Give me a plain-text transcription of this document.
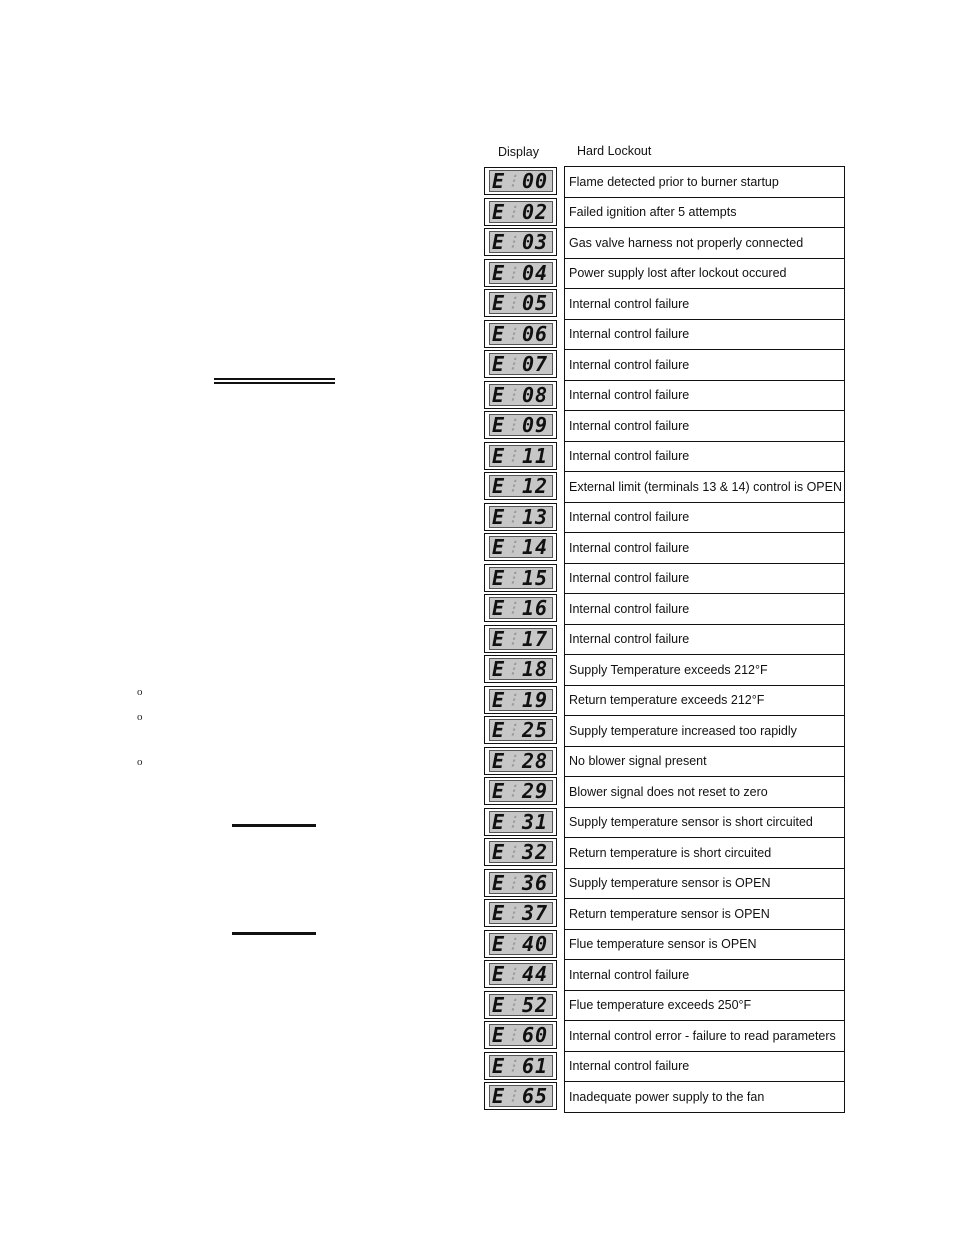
Display	Hard Lockout
o
o
o
E ⋮ 00	Flame detected prior to burner startup
E ⋮ 02	Failed ignition after 5 attempts
E ⋮ 03	Gas valve harness not properly connected
E ⋮ 04	Power supply lost after lockout occured
E ⋮ 05	Internal control failure
E ⋮ 06	Internal control failure
E ⋮ 07	Internal control failure
E ⋮ 08	Internal control failure
E ⋮ 09	Internal control failure
E ⋮ 11	Internal control failure
E ⋮ 12	External limit (terminals 13 & 14) control is OPEN
E ⋮ 13	Internal control failure
E ⋮ 14	Internal control failure
E ⋮ 15	Internal control failure
E ⋮ 16	Internal control failure
E ⋮ 17	Internal control failure
E ⋮ 18	Supply Temperature exceeds 212°F
E ⋮ 19	Return temperature exceeds 212°F
E ⋮ 25	Supply temperature increased too rapidly
E ⋮ 28	No blower signal present
E ⋮ 29	Blower signal does not reset to zero
E ⋮ 31	Supply temperature sensor is short circuited
E ⋮ 32	Return temperature is short circuited
E ⋮ 36	Supply temperature sensor is OPEN
E ⋮ 37	Return temperature sensor is OPEN
E ⋮ 40	Flue temperature sensor is OPEN
E ⋮ 44	Internal control failure
E ⋮ 52	Flue temperature exceeds 250°F
E ⋮ 60	Internal control error - failure to read parameters
E ⋮ 61	Internal control failure
E ⋮ 65	Inadequate power supply to the fan
